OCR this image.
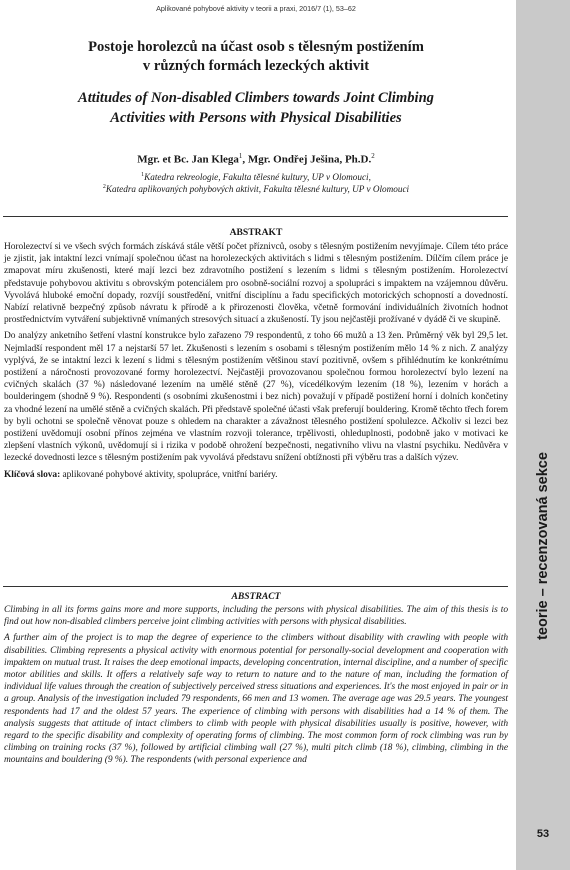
teorie – recenzovaná sekce
53
Aplikované pohybové aktivity v teorii a praxi, 2016/7 (1), 53–62
Postoje horolezců na účast osob s tělesným postižením
v různých formách lezeckých aktivit
Attitudes of Non-disabled Climbers towards Joint Climbing
Activities with Persons with Physical Disabilities
Mgr. et Bc. Jan Klega$^1$, Mgr. Ondřej Ješina, Ph.D.$^2$
$^1$Katedra rekreologie, Fakulta tělesné kultury, UP v Olomouci,
$^2$Katedra aplikovaných pohybových aktivit, Fakulta tělesné kultury, UP v Olomouci
ABSTRAKT

Horolezectví si ve všech svých formách získává stále větší počet příznivců, osoby s tělesným postižením nevyjímaje. Cílem této práce je zjistit, jak intaktní lezci vnímají společnou účast na horolezeckých aktivitách s lidmi s tělesným postižením. Dílčím cílem práce je zmapovat míru zkušenosti, které mají lezci bez zdravotního postižení s lezením s lidmi s tělesným postižením. Horolezectví představuje pohybovou aktivitu s obrovským potenciálem pro osobně-sociální rozvoj a spolupráci s impaktem na vzájemnou důvěru. Vyvolává hluboké emoční dopady, rozvíjí soustředění, vnitřní disciplínu a řadu specifických motorických schopností a dovedností. Nabízí relativně bezpečný způsob návratu k přírodě a k přirozenosti člověka, včetně formování individuálních životních hodnot prostřednictvím vytváření subjektivně vnímaných stresových situací a zkušeností. Ty jsou nejčastěji prožívané v dyádě či ve skupině.

Do analýzy anketního šetření vlastní konstrukce bylo zařazeno 79 respondentů, z toho 66 mužů a 13 žen. Průměrný věk byl 29,5 let. Nejmladší respondent měl 17 a nejstarší 57 let. Zkušenosti s lezením s osobami s tělesným postižením mělo 14 % z nich. Z analýzy vyplývá, že se intaktní lezci k lezení s lidmi s tělesným postižením většinou staví pozitivně, ovšem s přihlédnutím ke konkrétnímu postižení a náročnosti provozované formy horolezectví. Nejčastěji provozovanou společnou formou horolezectví bylo lezení na cvičných skalách (37 %) následované lezením na umělé stěně (27 %), vícedélkovým lezením (18 %), lezením v horách a boulderingem (shodně 9 %). Respondenti (s osobními zkušenostmi i bez nich) považují v případě postižení horní i dolních končetiny za vhodné lezení na umělé stěně a cvičných skalách. Při představě společné účasti však preferují bouldering. Kromě těchto třech forem by byli ochotni se společně věnovat pouze s ohledem na charakter a závažnost tělesného postižení spolulezce. Ačkoliv si lezci bez postižení uvědomují osobní přínos zejména ve vlastním rozvoji tolerance, trpělivosti, ohleduplnosti, podobně jako v motivaci ke zlepšení vlastních výkonů, uvědomují si i rizika v podobě ohrožení bezpečnosti, negativního vlivu na vlastní psychiku. Nedůvěra v lezecké dovednosti lezce s tělesným postižením pak vyvolává představu snížení obtížnosti při výběru tras a dalších výzev.

Klíčová slova: aplikované pohybové aktivity, spolupráce, vnitřní bariéry.

ABSTRACT

Climbing in all its forms gains more and more supports, including the persons with physical disabilities. The aim of this thesis is to find out how non-disabled climbers perceive joint climbing activities with persons with physical disabilities.

A further aim of the project is to map the degree of experience to the climbers without disability with crawling with people with disabilities. Climbing represents a physical activity with enormous potential for personally-social development and cooperation with impaktem on mutual trust. It raises the deep emotional impacts, developing concentration, internal discipline, and a number of specific motor abilities and skills. It offers a relatively safe way to return to nature and to the nature of man, including the formation of individual life values through the creation of subjectively perceived stress situations and experiences. It's the most enjoyed in pair or in a group. Analysis of the investigation included 79 respondents, 66 men and 13 women. The average age was 29.5 years. The youngest respondents had 17 and the oldest 57 years. The experience of climbing with persons with disabilities had a 14 % of them. The analysis suggests that attitude of intact climbers to climb with people with physical disabilities usually is positive, however, with regard to the specific disability and complexity of operating forms of climbing. The most common form of rock climbing was run by climbing on training rocks (37 %), followed by artificial climbing wall (27 %), multi pitch climb (18 %), climbing, climbing in the mountains and bouldering (9 %). The respondents (with personal experience and
